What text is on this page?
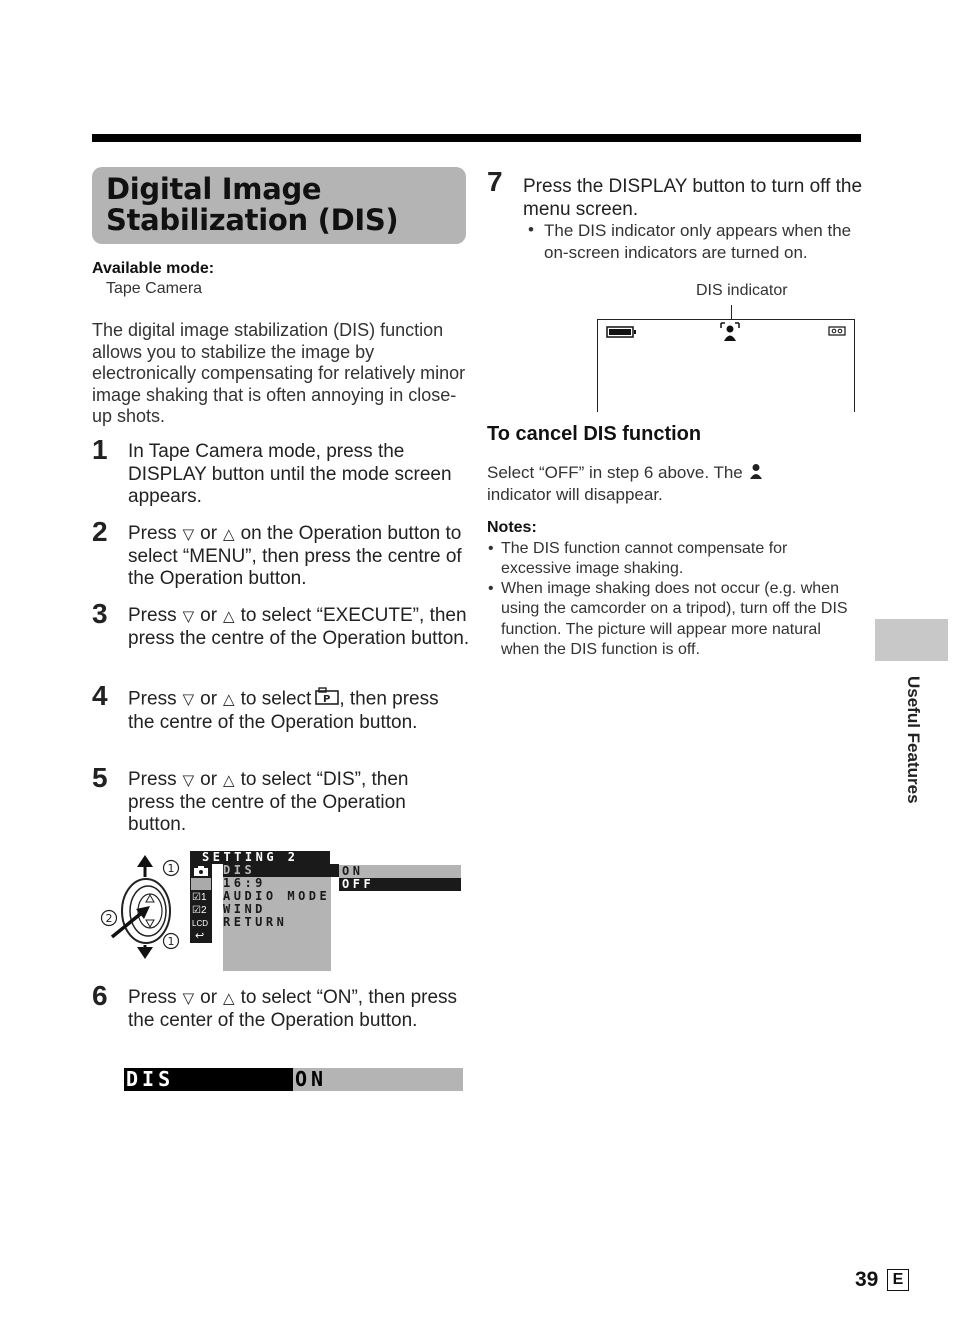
Digital Image Stabilization (DIS)
Available mode:
Tape Camera
The digital image stabilization (DIS) function allows you to stabilize the image by electronically compensating for relatively minor image shaking that is often annoying in close-up shots.
1 In Tape Camera mode, press the DISPLAY button until the mode screen appears.
2 Press ▽ or △ on the Operation button to select “MENU”, then press the centre of the Operation button.
3 Press ▽ or △ to select “EXECUTE”, then press the centre of the Operation button.
4 Press ▽ or △ to select P , then press the centre of the Operation button.
5 Press ▽ or △ to select “DIS”, then press the centre of the Operation button.
1
2
1
☑1
☑2
LCD
↩
SETTING 2
DIS
16:9
AUDIO MODE
WIND
RETURN
ON
OFF
6 Press ▽ or △ to select “ON”, then press the center of the Operation button.
DIS	ON
7 Press the DISPLAY button to turn off the menu screen.
• The DIS indicator only appears when the on-screen indicators are turned on.
DIS indicator
To cancel DIS function
Select “OFF” in step 6 above. The  indicator will disappear.
Notes:
• The DIS function cannot compensate for excessive image shaking.
• When image shaking does not occur (e.g. when using the camcorder on a tripod), turn off the DIS function. The picture will appear more natural when the DIS function is off.
Useful Features
39 E
